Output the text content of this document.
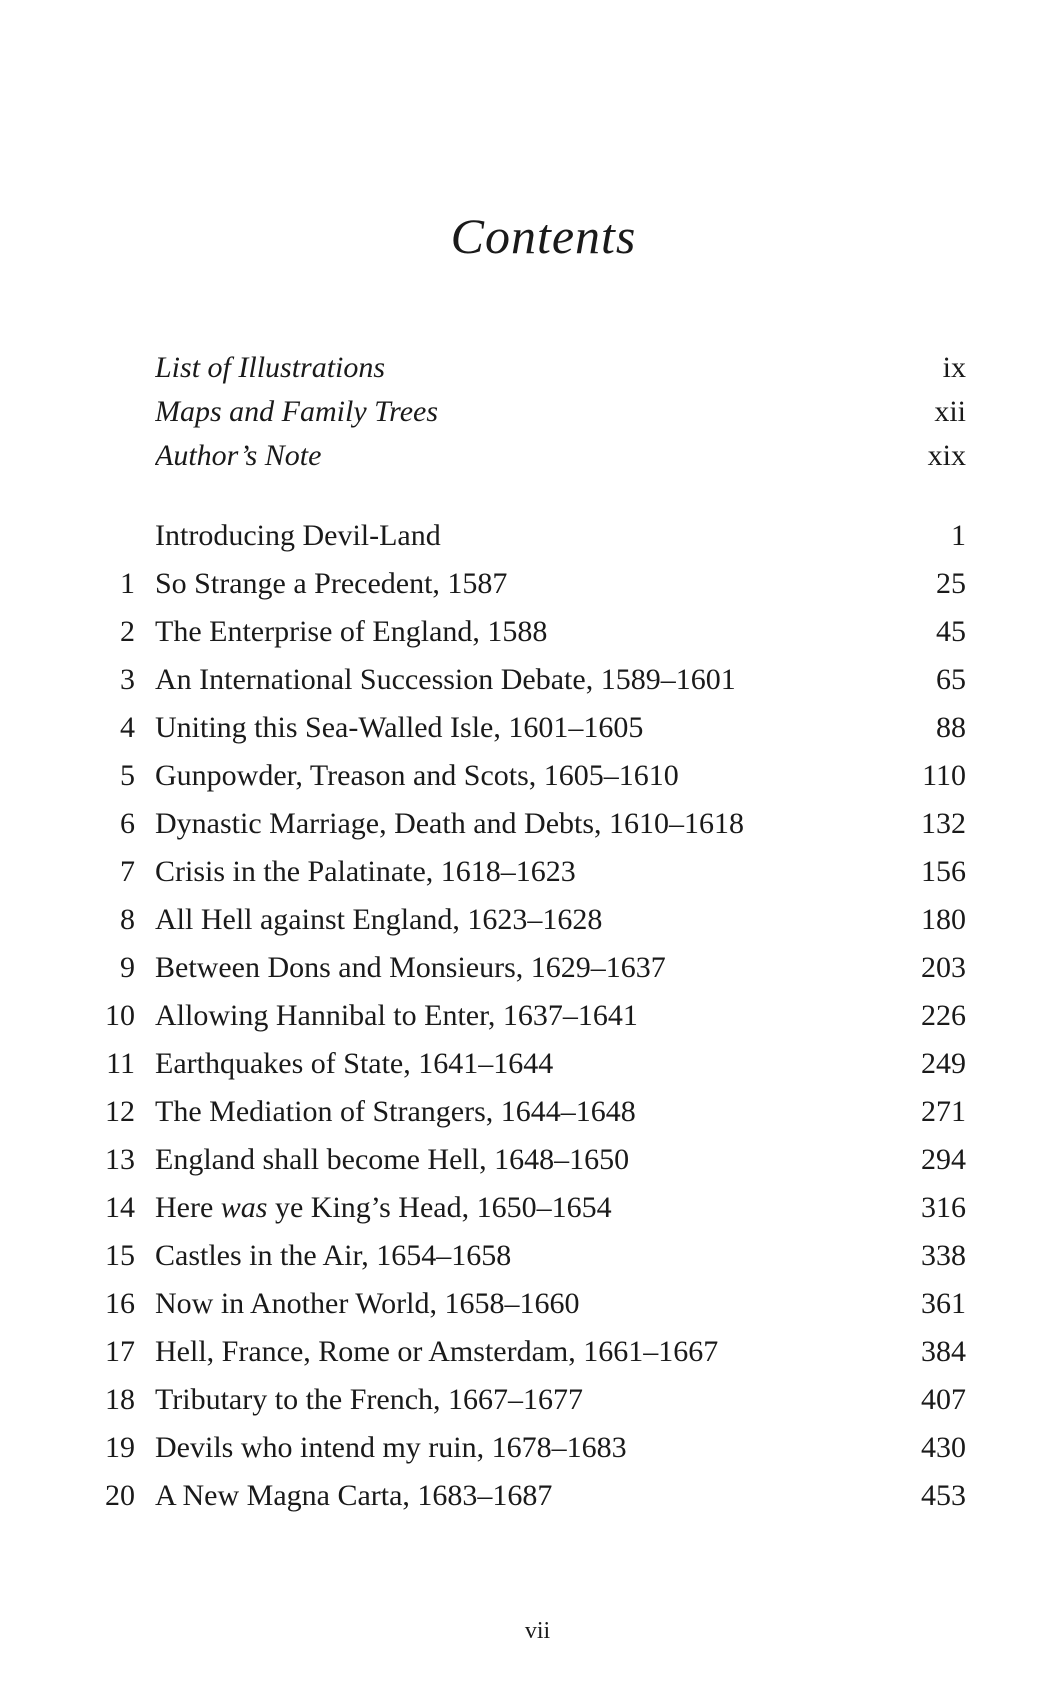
Contents
List of Illustrations	ix
Maps and Family Trees	xii
Author’s Note	xix
Introducing Devil-Land	1
1 So Strange a Precedent, 1587	25
2 The Enterprise of England, 1588	45
3 An International Succession Debate, 1589–1601	65
4 Uniting this Sea-Walled Isle, 1601–1605	88
5 Gunpowder, Treason and Scots, 1605–1610	110
6 Dynastic Marriage, Death and Debts, 1610–1618	132
7 Crisis in the Palatinate, 1618–1623	156
8 All Hell against England, 1623–1628	180
9 Between Dons and Monsieurs, 1629–1637	203
10 Allowing Hannibal to Enter, 1637–1641	226
11 Earthquakes of State, 1641–1644	249
12 The Mediation of Strangers, 1644–1648	271
13 England shall become Hell, 1648–1650	294
14 Here was ye King’s Head, 1650–1654	316
15 Castles in the Air, 1654–1658	338
16 Now in Another World, 1658–1660	361
17 Hell, France, Rome or Amsterdam, 1661–1667	384
18 Tributary to the French, 1667–1677	407
19 Devils who intend my ruin, 1678–1683	430
20 A New Magna Carta, 1683–1687	453
vii
